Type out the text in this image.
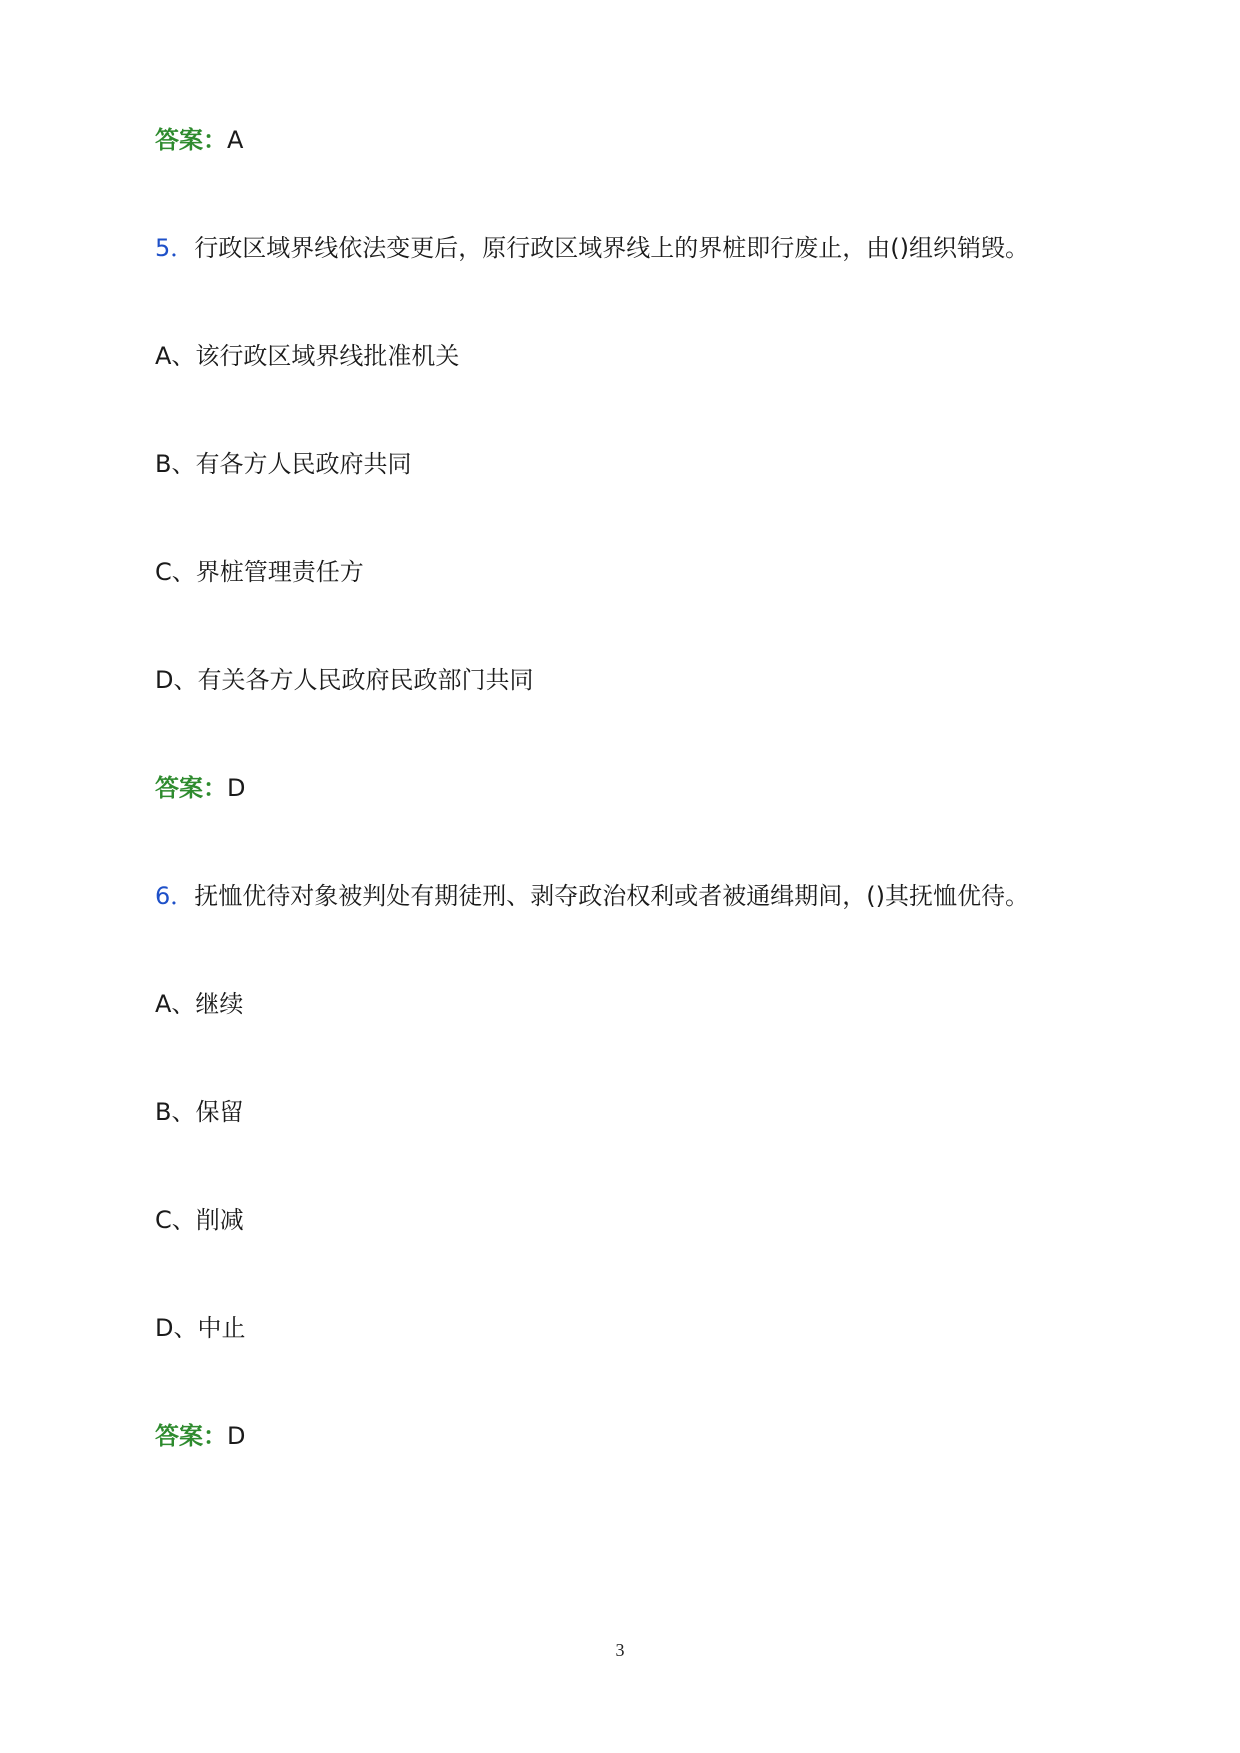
答案：A
5．行政区域界线依法变更后，原行政区域界线上的界桩即行废止，由()组织销毁。
A、该行政区域界线批准机关
B、有各方人民政府共同
C、界桩管理责任方
D、有关各方人民政府民政部门共同
答案：D
6．抚恤优待对象被判处有期徒刑、剥夺政治权利或者被通缉期间，()其抚恤优待。
A、继续
B、保留
C、削减
D、中止
答案：D
3
